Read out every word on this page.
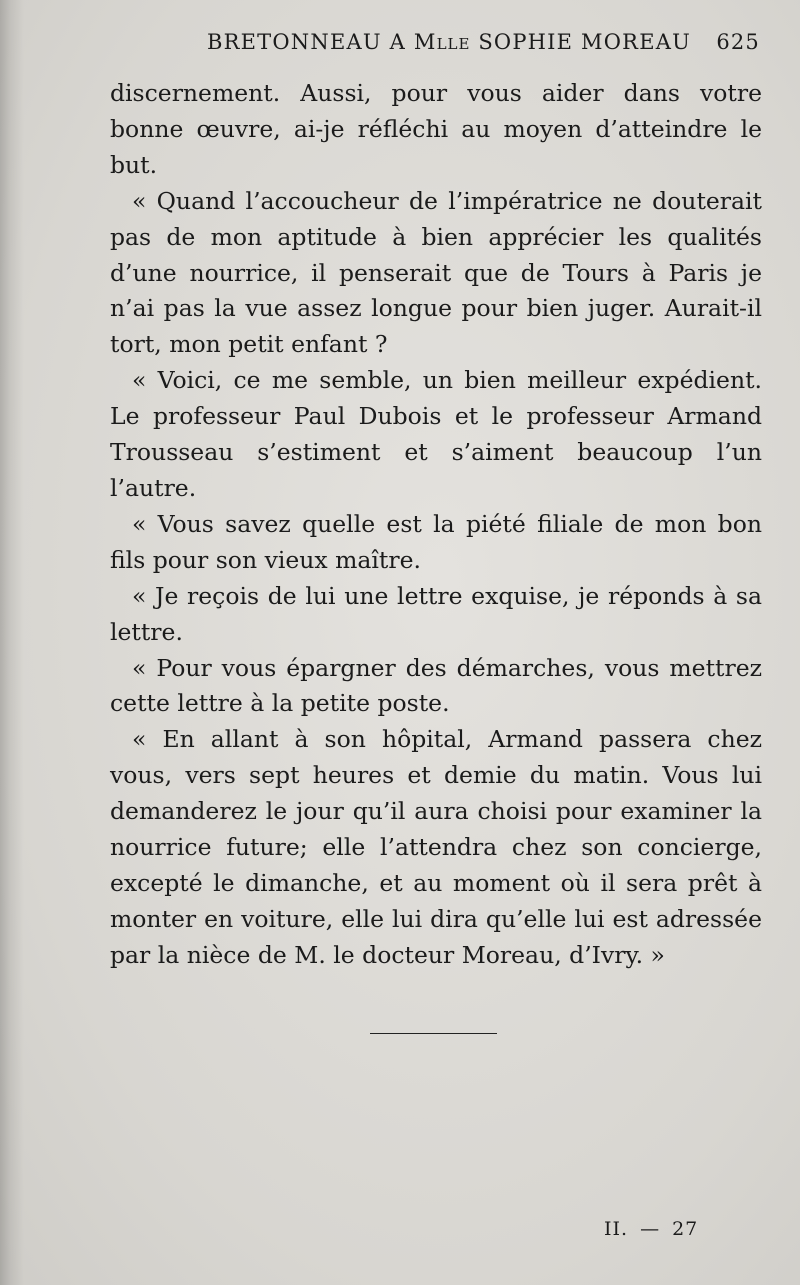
BRETONNEAU A MLLE SOPHIE MOREAU 625

discernement. Aussi, pour vous aider dans votre bonne œuvre, ai-je réfléchi au moyen d’atteindre le but.

« Quand l’accoucheur de l’impératrice ne douterait pas de mon aptitude à bien apprécier les qualités d’une nourrice, il penserait que de Tours à Paris je n’ai pas la vue assez longue pour bien juger. Aurait-il tort, mon petit enfant ?

« Voici, ce me semble, un bien meilleur expédient. Le professeur Paul Dubois et le professeur Armand Trousseau s’estiment et s’aiment beaucoup l’un l’autre.

« Vous savez quelle est la piété filiale de mon bon fils pour son vieux maître.

« Je reçois de lui une lettre exquise, je réponds à sa lettre.

« Pour vous épargner des démarches, vous mettrez cette lettre à la petite poste.

« En allant à son hôpital, Armand passera chez vous, vers sept heures et demie du matin. Vous lui demanderez le jour qu’il aura choisi pour examiner la nourrice future; elle l’attendra chez son concierge, excepté le dimanche, et au moment où il sera prêt à monter en voiture, elle lui dira qu’elle lui est adressée par la nièce de M. le docteur Moreau, d’Ivry. »

II. — 27
